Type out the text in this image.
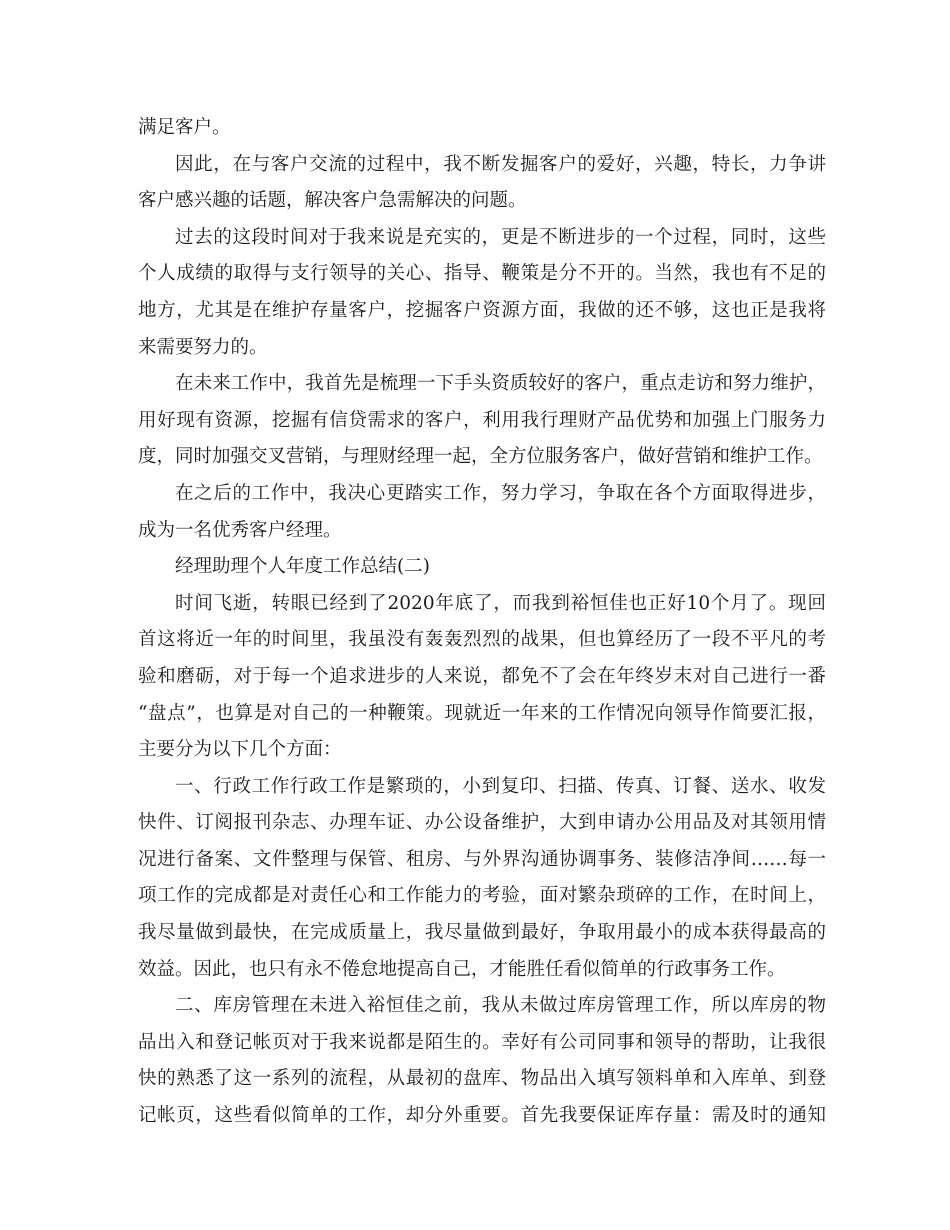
满足客户。
因此，在与客户交流的过程中，我不断发掘客户的爱好，兴趣，特长，力争讲
客户感兴趣的话题，解决客户急需解决的问题。
过去的这段时间对于我来说是充实的，更是不断进步的一个过程，同时，这些
个人成绩的取得与支行领导的关心、指导、鞭策是分不开的。当然，我也有不足的
地方，尤其是在维护存量客户，挖掘客户资源方面，我做的还不够，这也正是我将
来需要努力的。
在未来工作中，我首先是梳理一下手头资质较好的客户，重点走访和努力维护，
用好现有资源，挖掘有信贷需求的客户，利用我行理财产品优势和加强上门服务力
度，同时加强交叉营销，与理财经理一起，全方位服务客户，做好营销和维护工作。
在之后的工作中，我决心更踏实工作，努力学习，争取在各个方面取得进步，
成为一名优秀客户经理。
经理助理个人年度工作总结(二)
时间飞逝，转眼已经到了2020年底了，而我到裕恒佳也正好10个月了。现回
首这将近一年的时间里，我虽没有轰轰烈烈的战果，但也算经历了一段不平凡的考
验和磨砺，对于每一个追求进步的人来说，都免不了会在年终岁末对自己进行一番
“盘点”，也算是对自己的一种鞭策。现就近一年来的工作情况向领导作简要汇报，
主要分为以下几个方面：
一、行政工作行政工作是繁琐的，小到复印、扫描、传真、订餐、送水、收发
快件、订阅报刊杂志、办理车证、办公设备维护，大到申请办公用品及对其领用情
况进行备案、文件整理与保管、租房、与外界沟通协调事务、装修洁净间……每一
项工作的完成都是对责任心和工作能力的考验，面对繁杂琐碎的工作，在时间上，
我尽量做到最快，在完成质量上，我尽量做到最好，争取用最小的成本获得最高的
效益。因此，也只有永不倦怠地提高自己，才能胜任看似简单的行政事务工作。
二、库房管理在未进入裕恒佳之前，我从未做过库房管理工作，所以库房的物
品出入和登记帐页对于我来说都是陌生的。幸好有公司同事和领导的帮助，让我很
快的熟悉了这一系列的流程，从最初的盘库、物品出入填写领料单和入库单、到登
记帐页，这些看似简单的工作，却分外重要。首先我要保证库存量：需及时的通知
